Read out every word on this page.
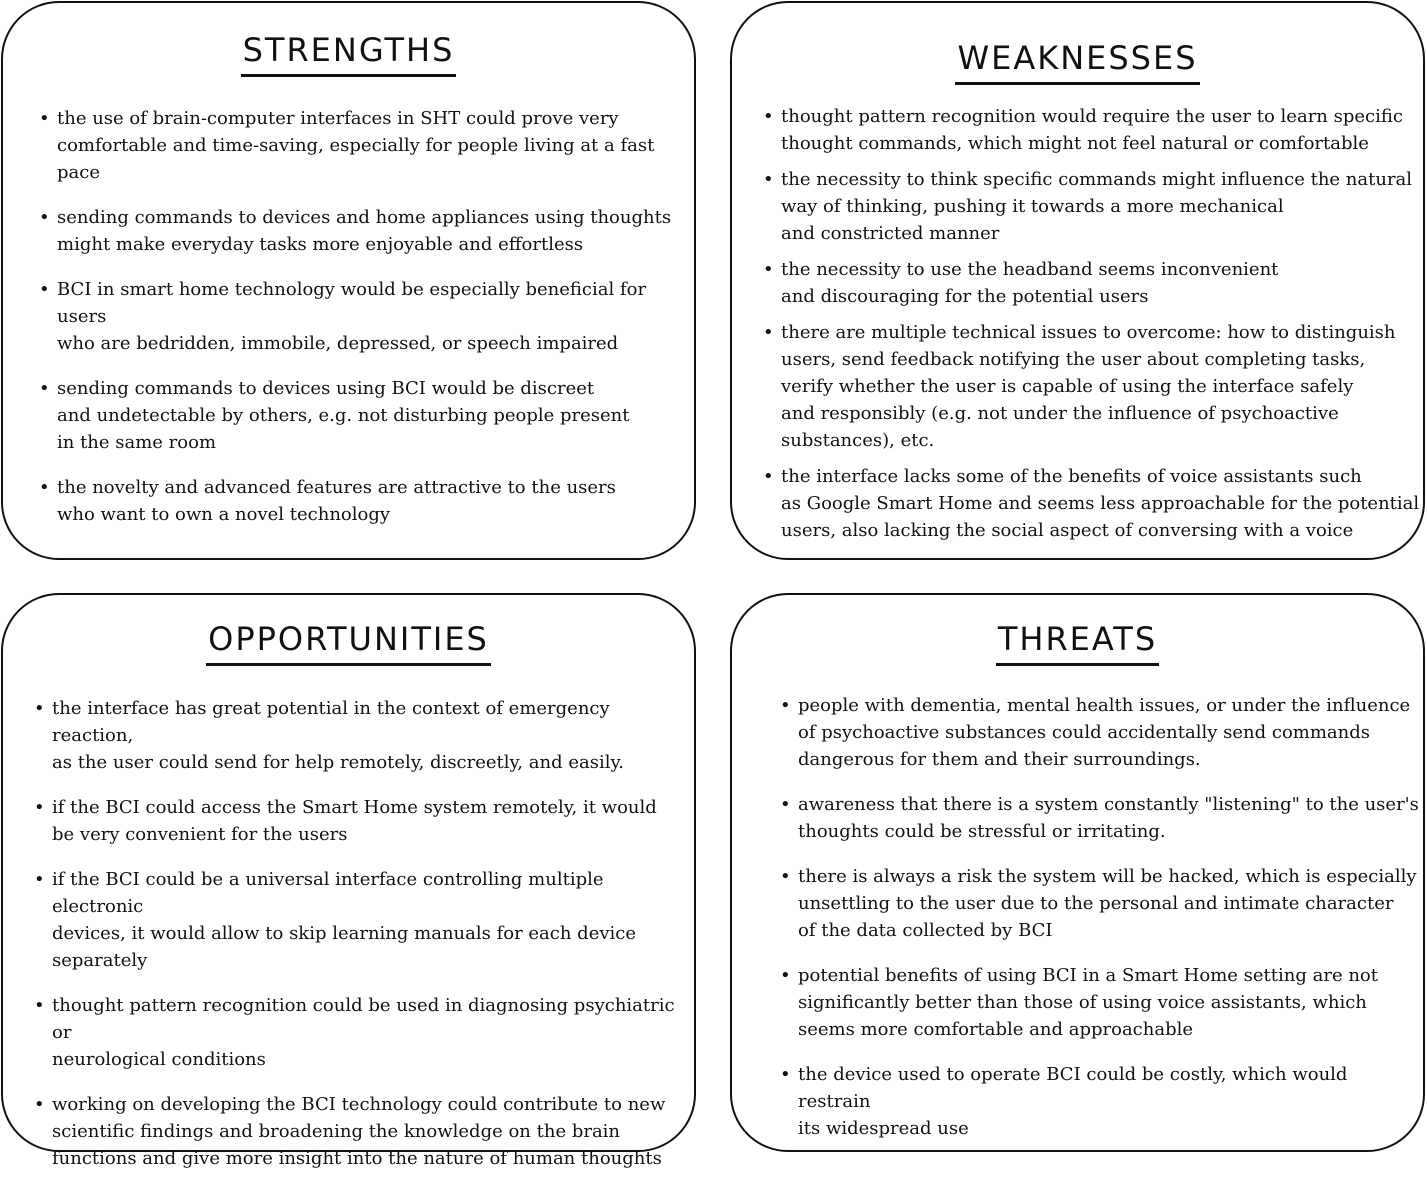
STRENGTHS
• the use of brain-computer interfaces in SHT could prove very
comfortable and time-saving, especially for people living at a fast pace
• sending commands to devices and home appliances using thoughts
might make everyday tasks more enjoyable and effortless
• BCI in smart home technology would be especially beneficial for users
who are bedridden, immobile, depressed, or speech impaired
• sending commands to devices using BCI would be discreet
and undetectable by others, e.g. not disturbing people present
in the same room
• the novelty and advanced features are attractive to the users
who want to own a novel technology
WEAKNESSES
• thought pattern recognition would require the user to learn specific
thought commands, which might not feel natural or comfortable
• the necessity to think specific commands might influence the natural
way of thinking, pushing it towards a more mechanical
and constricted manner
• the necessity to use the headband seems inconvenient
and discouraging for the potential users
• there are multiple technical issues to overcome: how to distinguish
users, send feedback notifying the user about completing tasks,
verify whether the user is capable of using the interface safely
and responsibly (e.g. not under the influence of psychoactive
substances), etc.
• the interface lacks some of the benefits of voice assistants such
as Google Smart Home and seems less approachable for the potential
users, also lacking the social aspect of conversing with a voice
OPPORTUNITIES
• the interface has great potential in the context of emergency reaction,
as the user could send for help remotely, discreetly, and easily.
• if the BCI could access the Smart Home system remotely, it would
be very convenient for the users
• if the BCI could be a universal interface controlling multiple electronic
devices, it would allow to skip learning manuals for each device
separately
• thought pattern recognition could be used in diagnosing psychiatric or
neurological conditions
• working on developing the BCI technology could contribute to new
scientific findings and broadening the knowledge on the brain
functions and give more insight into the nature of human thoughts
THREATS
• people with dementia, mental health issues, or under the influence
of psychoactive substances could accidentally send commands
dangerous for them and their surroundings.
• awareness that there is a system constantly "listening" to the user's
thoughts could be stressful or irritating.
• there is always a risk the system will be hacked, which is especially
unsettling to the user due to the personal and intimate character
of the data collected by BCI
• potential benefits of using BCI in a Smart Home setting are not
significantly better than those of using voice assistants, which
seems more comfortable and approachable
• the device used to operate BCI could be costly, which would restrain
its widespread use
